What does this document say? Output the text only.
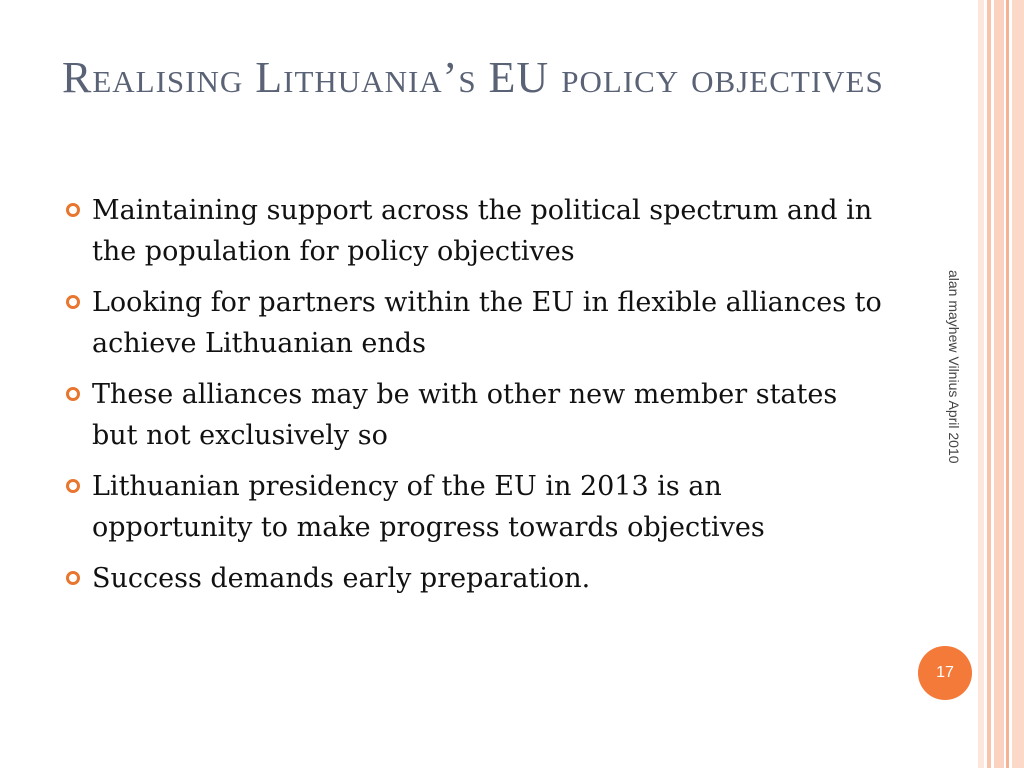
Realising Lithuania’s EU policy objectives
Maintaining support across the political spectrum and in the population for policy objectives
Looking for partners within the EU in flexible alliances to achieve Lithuanian ends
These alliances may be with other new member states but not exclusively so
Lithuanian presidency of the EU in 2013 is an opportunity to make progress towards objectives
Success demands early preparation.
alan mayhew Vilnius April 2010
17
